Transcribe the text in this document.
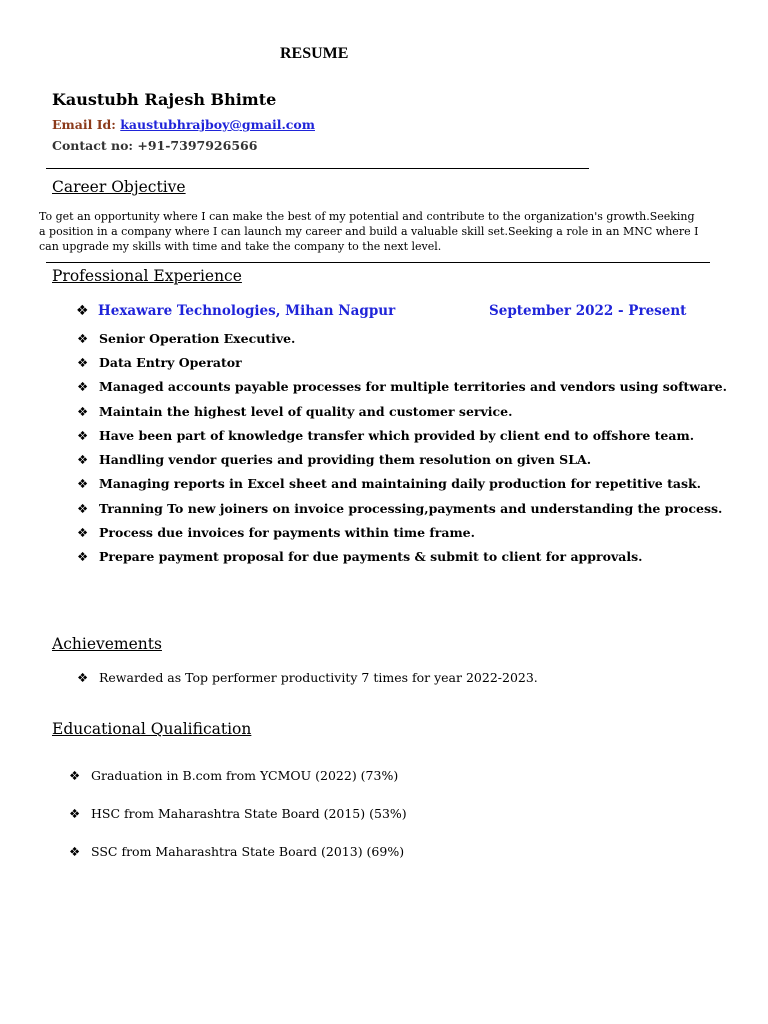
RESUME
Kaustubh Rajesh Bhimte
Email Id: kaustubhrajboy@gmail.com
Contact no: +91-7397926566
Career Objective
To get an opportunity where I can make the best of my potential and contribute to the organization's growth.Seeking a position in a company where I can launch my career and build a valuable skill set.Seeking a role in an MNC where I can upgrade my skills with time and take the company to the next level.
Professional Experience
❖ Hexaware Technologies, Mihan Nagpur	September 2022 - Present
❖ Senior Operation Executive.
❖ Data Entry Operator
❖ Managed accounts payable processes for multiple territories and vendors using software.
❖ Maintain the highest level of quality and customer service.
❖ Have been part of knowledge transfer which provided by client end to offshore team.
❖ Handling vendor queries and providing them resolution on given SLA.
❖ Managing reports in Excel sheet and maintaining daily production for repetitive task.
❖ Tranning To new joiners on invoice processing,payments and understanding the process.
❖ Process due invoices for payments within time frame.
❖ Prepare payment proposal for due payments & submit to client for approvals.
Achievements
❖ Rewarded as Top performer productivity 7 times for year 2022-2023.
Educational Qualification
❖ Graduation in B.com from YCMOU (2022) (73%)
❖ HSC from Maharashtra State Board (2015) (53%)
❖ SSC from Maharashtra State Board (2013) (69%)
